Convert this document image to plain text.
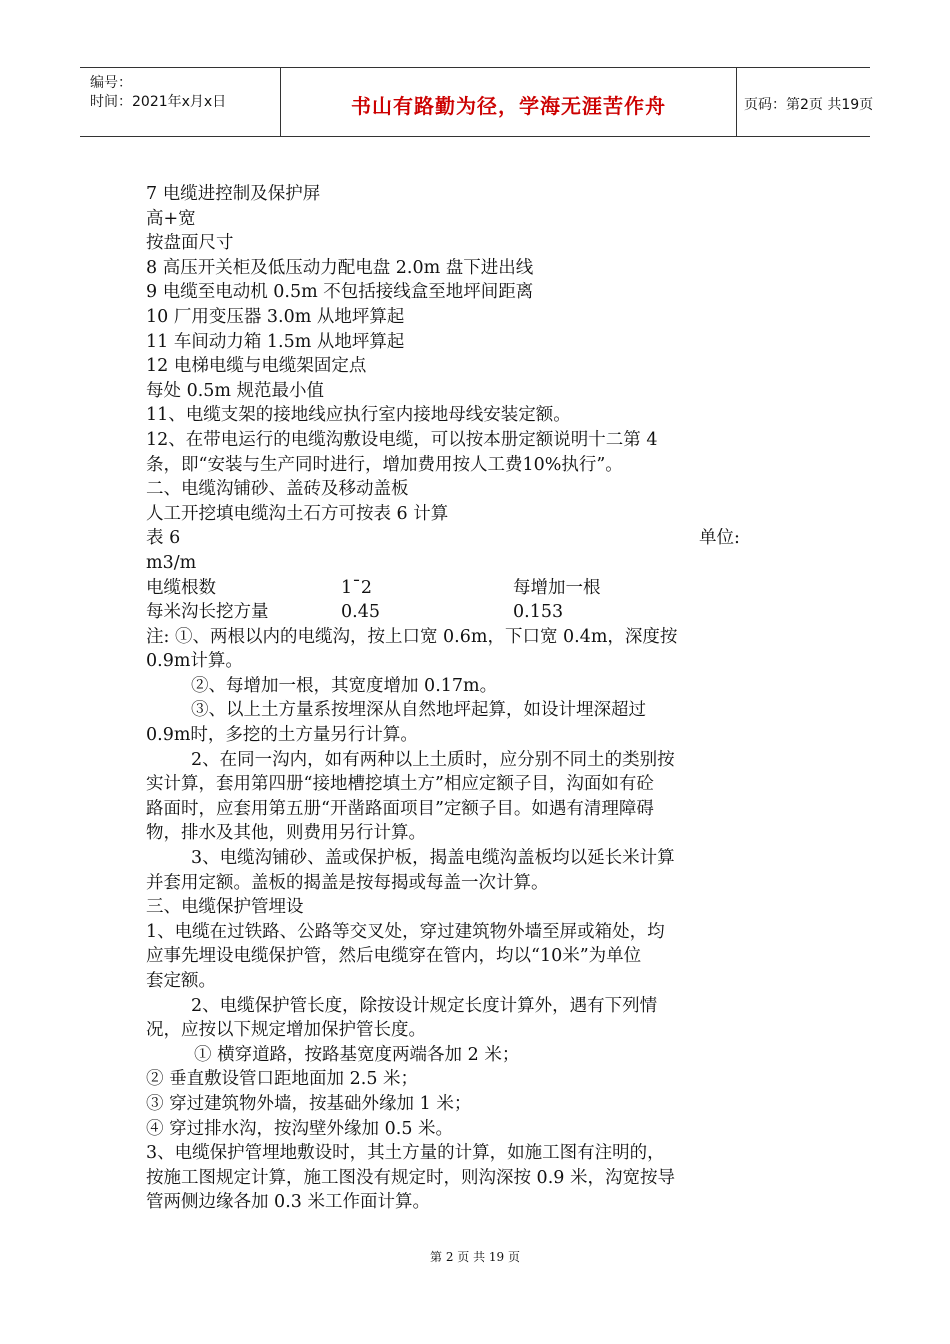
编号：
时间：2021年x月x日	书山有路勤为径，学海无涯苦作舟	页码：第2页 共19页
7 电缆进控制及保护屏
高+宽
按盘面尺寸
8 高压开关柜及低压动力配电盘 2.0m 盘下进出线
9 电缆至电动机 0.5m 不包括接线盒至地坪间距离
10 厂用变压器 3.0m 从地坪算起
11 车间动力箱 1.5m 从地坪算起
12 电梯电缆与电缆架固定点
每处 0.5m 规范最小值
11、电缆支架的接地线应执行室内接地母线安装定额。
12、在带电运行的电缆沟敷设电缆，可以按本册定额说明十二第 4
条，即“安装与生产同时进行，增加费用按人工费10%执行”。
二、电缆沟铺砂、盖砖及移动盖板
人工开挖填电缆沟土石方可按表 6 计算
表 6	单位:
m3/m
电缆根数	1ˉ2	每增加一根
每米沟长挖方量	0.45	0.153
注: ①、两根以内的电缆沟，按上口宽 0.6m，下口宽 0.4m，深度按
0.9m计算。
②、每增加一根，其宽度增加 0.17m。
③、以上土方量系按埋深从自然地坪起算，如设计埋深超过
0.9m时，多挖的土方量另行计算。
2、在同一沟内，如有两种以上土质时，应分别不同土的类别按
实计算，套用第四册“接地槽挖填土方”相应定额子目，沟面如有砼
路面时，应套用第五册“开凿路面项目”定额子目。如遇有清理障碍
物，排水及其他，则费用另行计算。
3、电缆沟铺砂、盖或保护板，揭盖电缆沟盖板均以延长米计算
并套用定额。盖板的揭盖是按每揭或每盖一次计算。
三、电缆保护管埋设
1、电缆在过铁路、公路等交叉处，穿过建筑物外墙至屏或箱处，均
应事先埋设电缆保护管，然后电缆穿在管内，均以“10米”为单位
套定额。
2、电缆保护管长度，除按设计规定长度计算外，遇有下列情
况，应按以下规定增加保护管长度。
① 横穿道路，按路基宽度两端各加 2 米；
② 垂直敷设管口距地面加 2.5 米；
③ 穿过建筑物外墙，按基础外缘加 1 米；
④ 穿过排水沟，按沟壁外缘加 0.5 米。
3、电缆保护管埋地敷设时，其土方量的计算，如施工图有注明的，
按施工图规定计算，施工图没有规定时，则沟深按 0.9 米，沟宽按导
管两侧边缘各加 0.3 米工作面计算。
第 2 页 共 19 页
